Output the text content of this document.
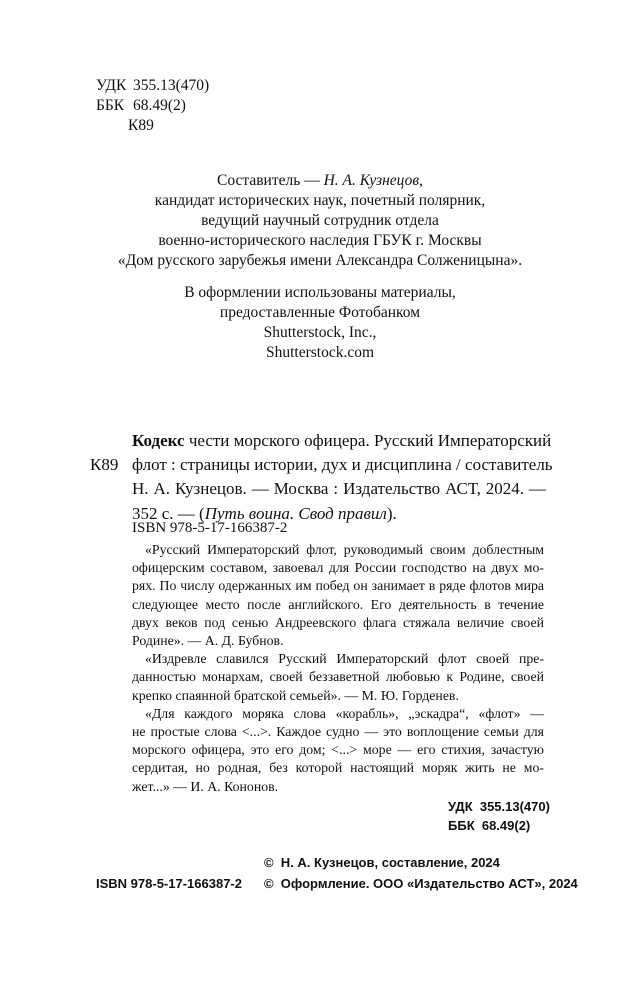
УДК 355.13(470)
ББК 68.49(2)
К89
Составитель — Н. А. Кузнецов,
кандидат исторических наук, почетный полярник,
ведущий научный сотрудник отдела
военно-исторического наследия ГБУК г. Москвы
«Дом русского зарубежья имени Александра Солженицына».
В оформлении использованы материалы,
предоставленные Фотобанком
Shutterstock, Inc.,
Shutterstock.com
К89
Кодекс чести морского офицера. Русский Императорский
флот : страницы истории, дух и дисциплина / составитель
Н. А. Кузнецов. — Москва : Издательство АСТ, 2024. —
352 с. — (Путь воина. Свод правил).
ISBN 978-5-17-166387-2
«Русский Императорский флот, руководимый своим доблестным
офицерским составом, завоевал для России господство на двух мо-
рях. По числу одержанных им побед он занимает в ряде флотов мира
следующее место после английского. Его деятельность в течение
двух веков под сенью Андреевского флага стяжала величие своей
Родине». — А. Д. Бубнов.
«Издревле славился Русский Императорский флот своей пре-
данностью монархам, своей беззаветной любовью к Родине, своей
крепко спаянной братской семьей». — М. Ю. Горденев.
«Для каждого моряка слова «корабль», „эскадра“, «флот» —
не простые слова <...>. Каждое судно — это воплощение семьи для
морского офицера, это его дом; <...> море — его стихия, зачастую
сердитая, но родная, без которой настоящий моряк жить не мо-
жет...» — И. А. Кононов.
УДК  355.13(470)
ББК  68.49(2)
ISBN 978-5-17-166387-2
©  Н. А. Кузнецов, составление, 2024
©  Оформление. ООО «Издательство АСТ», 2024
